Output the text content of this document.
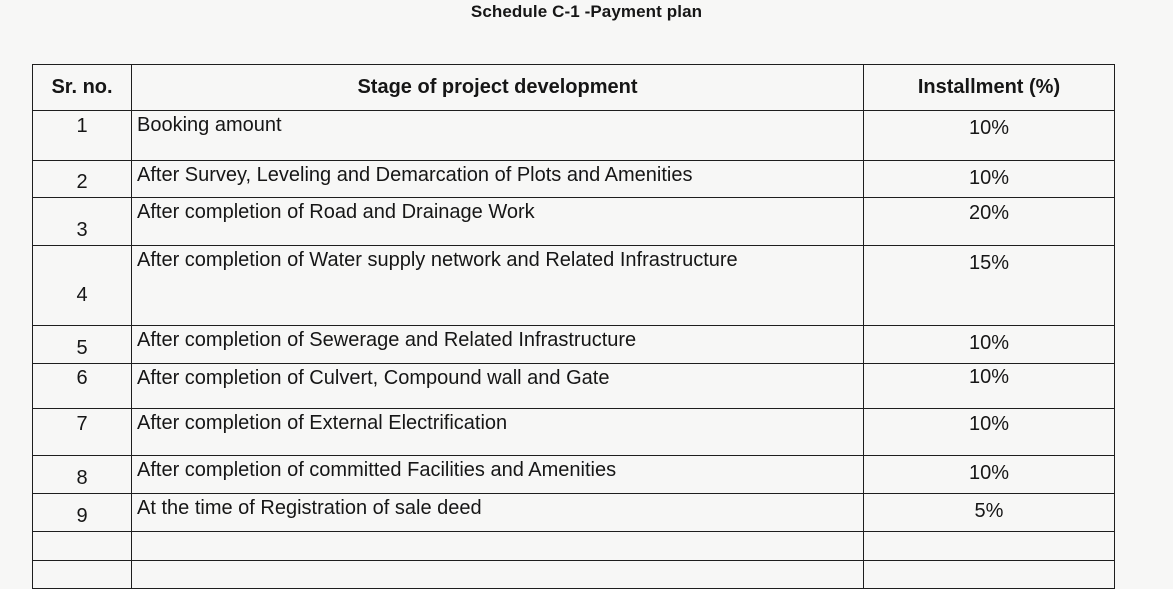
Schedule C-1 -Payment plan
Sr. no.	Stage of project development	Installment (%)
1	Booking amount	10%
2	After Survey, Leveling and Demarcation of Plots and Amenities	10%
3	After completion of Road and Drainage Work	20%
4	After completion of Water supply network and Related Infrastructure	15%
5	After completion of Sewerage and Related Infrastructure	10%
6	After completion of Culvert, Compound wall and Gate	10%
7	After completion of External Electrification	10%
8	After completion of committed Facilities and Amenities	10%
9	At the time of Registration of sale deed	5%
